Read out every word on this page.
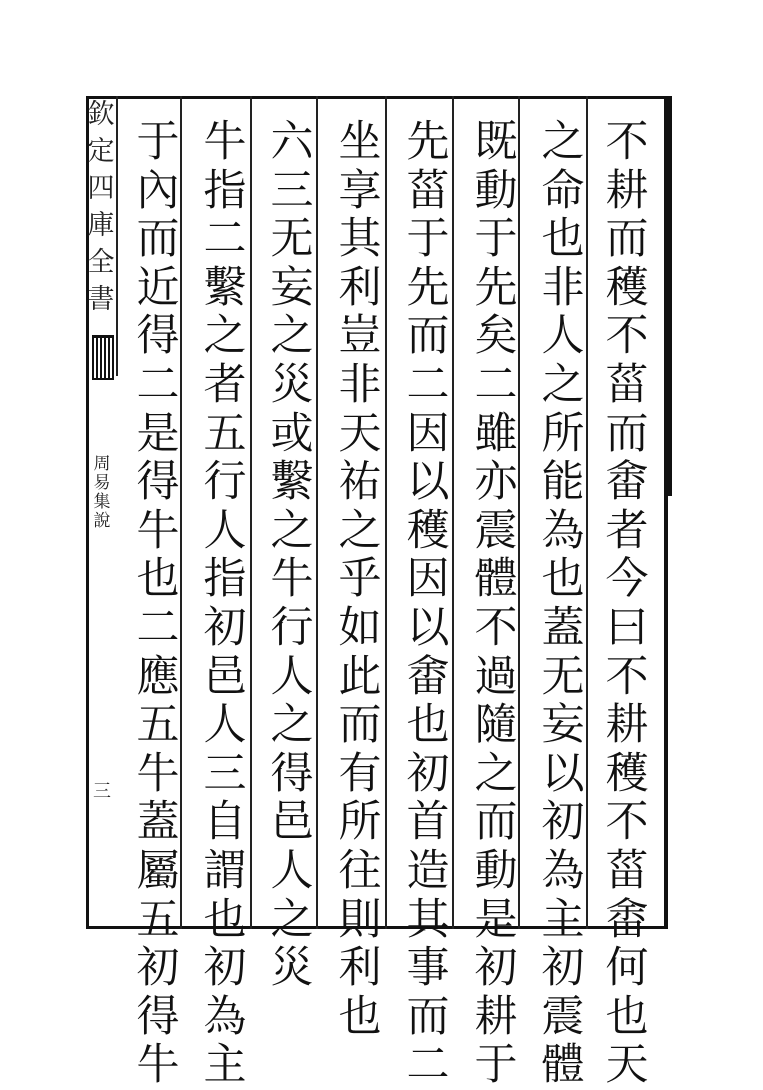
欽
定
四
庫
全
書
周
易
集
說
三
不
耕
而
穫
不
菑
而
畬
者
今
曰
不
耕
穫
不
菑
畬
何
也
天
之
命
也
非
人
之
所
能
為
也
蓋
无
妄
以
初
為
主
初
震
體
既
動
于
先
矣
二
雖
亦
震
體
不
過
隨
之
而
動
是
初
耕
于
先
菑
于
先
而
二
因
以
穫
因
以
畬
也
初
首
造
其
事
而
二
坐
享
其
利
豈
非
天
祐
之
乎
如
此
而
有
所
往
則
利
也
六
三
无
妄
之
災
或
繫
之
牛
行
人
之
得
邑
人
之
災
牛
指
二
繫
之
者
五
行
人
指
初
邑
人
三
自
謂
也
初
為
主
于
內
而
近
得
二
是
得
牛
也
二
應
五
牛
蓋
屬
五
初
得
牛
